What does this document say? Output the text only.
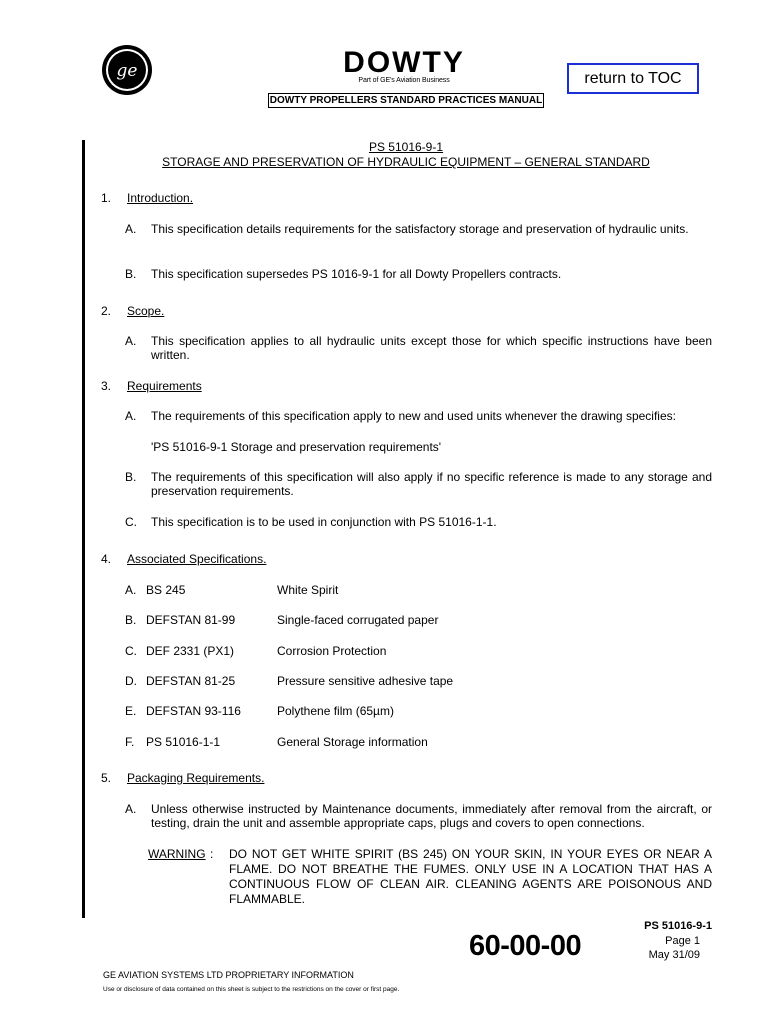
ge	DOWTY
Part of GE's Aviation Business
DOWTY PROPELLERS STANDARD PRACTICES MANUAL
return to TOC
PS 51016-9-1
STORAGE AND PRESERVATION OF HYDRAULIC EQUIPMENT – GENERAL STANDARD
1. Introduction.
A. This specification details requirements for the satisfactory storage and preservation of hydraulic units.
B. This specification supersedes PS 1016-9-1 for all Dowty Propellers contracts.
2. Scope.
A. This specification applies to all hydraulic units except those for which specific instructions have been written.
3. Requirements
A. The requirements of this specification apply to new and used units whenever the drawing specifies:
'PS 51016-9-1 Storage and preservation requirements'
B. The requirements of this specification will also apply if no specific reference is made to any storage and preservation requirements.
C. This specification is to be used in conjunction with PS 51016-1-1.
4. Associated Specifications.
A. BS 245	White Spirit
B. DEFSTAN 81-99	Single-faced corrugated paper
C. DEF 2331 (PX1)	Corrosion Protection
D. DEFSTAN 81-25	Pressure sensitive adhesive tape
E. DEFSTAN 93-116	Polythene film (65µm)
F. PS 51016-1-1	General Storage information
5. Packaging Requirements.
A. Unless otherwise instructed by Maintenance documents, immediately after removal from the aircraft, or testing, drain the unit and assemble appropriate caps, plugs and covers to open connections.
WARNING : DO NOT GET WHITE SPIRIT (BS 245) ON YOUR SKIN, IN YOUR EYES OR NEAR A FLAME. DO NOT BREATHE THE FUMES. ONLY USE IN A LOCATION THAT HAS A CONTINUOUS FLOW OF CLEAN AIR. CLEANING AGENTS ARE POISONOUS AND FLAMMABLE.
PS 51016-9-1
60-00-00	Page 1
May 31/09
GE AVIATION SYSTEMS LTD PROPRIETARY INFORMATION
Use or disclosure of data contained on this sheet is subject to the restrictions on the cover or first page.
